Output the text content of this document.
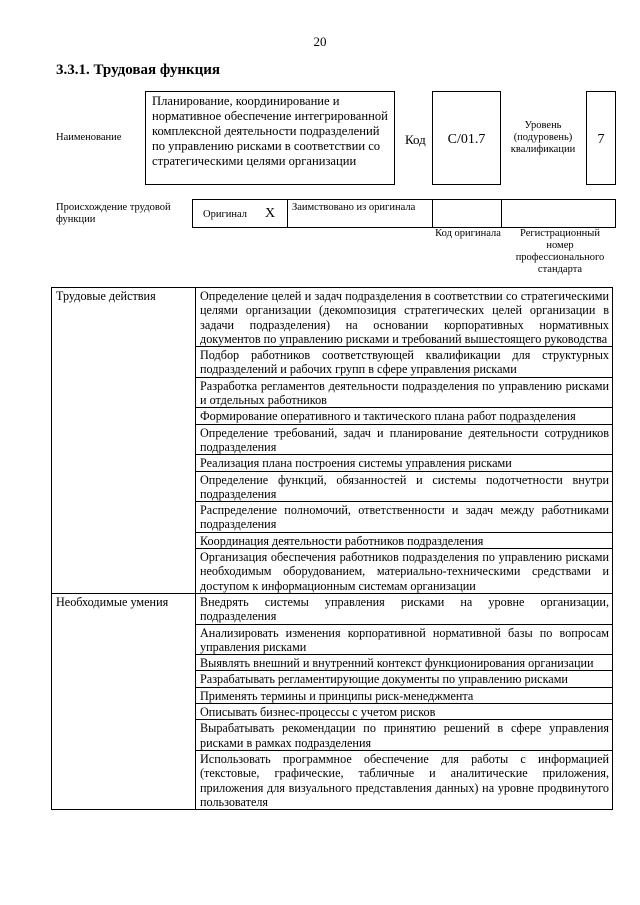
20
3.3.1. Трудовая функция
Наименование
Планирование, координирование и нормативное обеспечение интегрированной комплексной деятельности подразделений по управлению рисками в соответствии со стратегическими целями организации
Код	С/01.7
Уровень (подуровень) квалификации
7
Происхождение трудовой функции	Оригинал X	Заимствовано из оригинала
Код оригинала	Регистрационный номер профессионального стандарта
Трудовые действия	Определение целей и задач подразделения в соответствии со стратегическими целями организации (декомпозиция стратегических целей организации в задачи подразделения) на основании корпоративных нормативных документов по управлению рисками и требований вышестоящего руководства
	Подбор работников соответствующей квалификации для структурных подразделений и рабочих групп в сфере управления рисками
	Разработка регламентов деятельности подразделения по управлению рисками и отдельных работников
	Формирование оперативного и тактического плана работ подразделения
	Определение требований, задач и планирование деятельности сотрудников подразделения
	Реализация плана построения системы управления рисками
	Определение функций, обязанностей и системы подотчетности внутри подразделения
	Распределение полномочий, ответственности и задач между работниками подразделения
	Координация деятельности работников подразделения
	Организация обеспечения работников подразделения по управлению рисками необходимым оборудованием, материально-техническими средствами и доступом к информационным системам организации
Необходимые умения	Внедрять системы управления рисками на уровне организации, подразделения
	Анализировать изменения корпоративной нормативной базы по вопросам управления рисками
	Выявлять внешний и внутренний контекст функционирования организации
	Разрабатывать регламентирующие документы по управлению рисками
	Применять термины и принципы риск-менеджмента
	Описывать бизнес-процессы с учетом рисков
	Вырабатывать рекомендации по принятию решений в сфере управления рисками в рамках подразделения
	Использовать программное обеспечение для работы с информацией (текстовые, графические, табличные и аналитические приложения, приложения для визуального представления данных) на уровне продвинутого пользователя
